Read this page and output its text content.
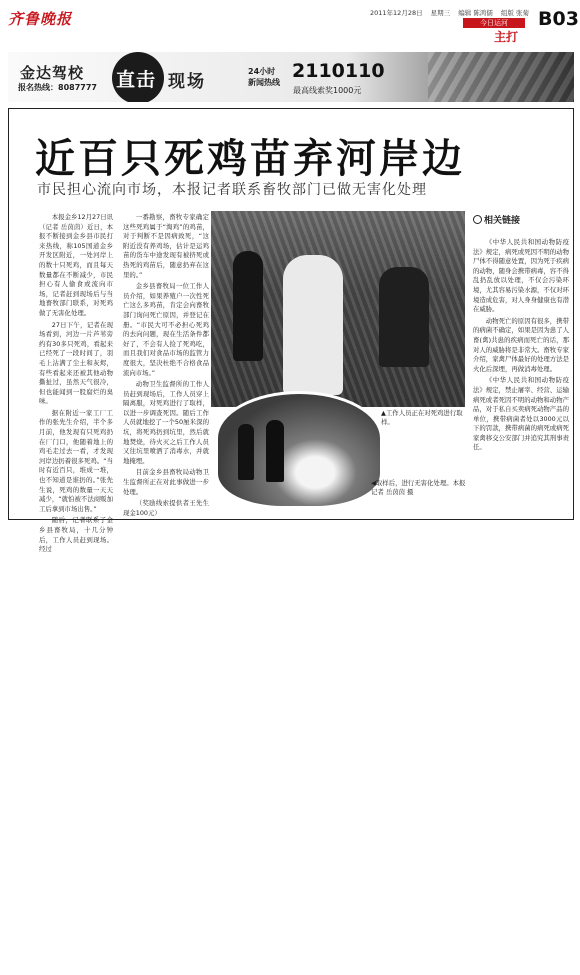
齐鲁晚报	2011年12月28日 星期三 编辑 陈鸿儒 组版 张菊
今日运河
主打
B03
金达驾校
报名热线：8087777 直击 现场
24小时
新闻热线
2110110
最高线索奖1000元
近百只死鸡苗弃河岸边
市民担心流向市场，本报记者联系畜牧部门已做无害化处理

本报金乡12月27日讯（记者 岳茵茵）近日，本报不断接到金乡县市民打来热线，称105国道金乡开发区附近，一处河岸上的数十只死鸡，而且每天数量都在不断减少，市民担心有人偷食或流向市场，记者赶到现场后与当地畜牧部门联系，对死鸡做了无害化处理。

27日下午，记者在现场看到，河边一片芦苇旁约有30多只死鸡，看起来已经死了一段时间了，羽毛上沾满了尘土和灰烬，有些看起来还被其他动物撕扯过，虽然天气很冷，但也能闻到一股腐烂的臭味。

据在附近一家工厂工作的张先生介绍，半个多月前，他发现有只死鸡扔在厂门口，他随着地上的鸡毛走过去一看，才发现河岸边扔着很多死鸡。“当时有近百只，堆成一堆，也不知道是谁扔的。”张先生说，死鸡的数量一天天减少，“就怕被不法商贩加工后拿到市场出售。”

随后，记者联系了金乡县畜牧局，十几分钟后，工作人员赶到现场。经过

一番勘察，畜牧专家确定这些死鸡属于“淘鸡”的鸡苗，对于判断不是因病致死，“这附近没有养鸡场，估计是运鸡苗的货车中途发现有被挤死或热死的鸡苗后，随意扔弃在这里的。”

金乡县畜牧局一位工作人员介绍，如果养殖户一次性死亡这么多鸡苗，肯定会向畜牧部门询问死亡原因，并登记在册。“市民大可不必担心死鸡的去向问题，现在生活条件都好了，不会有人捡了死鸡吃，而且我们对食品市场的监管力度很大，坚决杜绝不合格食品流向市场。”

动物卫生监督所的工作人员赶到现场后，工作人员穿上隔离服，对死鸡进行了取样，以进一步调查死因。随后工作人员就地挖了一个50厘米深的坑，将死鸡扔到坑里，然后就地焚烧，待火灭之后工作人员又往坑里喷洒了消毒水，并就地掩埋。

目前金乡县畜牧局动物卫生监督所正在对此事做进一步处理。

（奖励线索提供者王先生现金100元）

▲工作人员正在对死鸡进行取样。
◀取样后，进行无害化处理。本报记者 岳茵茵 摄
相关链接

《中华人民共和国动物防疫法》规定，病死或死因不明的动物尸体不得随意处置，因为死于疾病的动物，随身会携带病毒，容不得乱扔乱放以处理，不仅会污染环境，尤其容易污染水源，不仅对环境造成危害，对人身身健康也有潜在威胁。

动物死亡的原因有很多，携带的病菌不确定，如果是因为患了人畜(禽)共患的疾病而死亡的话，那对人的威胁将是非常大。畜牧专家介绍，家禽尸体最好的处理方法是火化后深埋，再做消毒处理。

《中华人民共和国动物防疫法》规定，禁止屠宰、经营、运输病死或者死因不明的动物和动物产品，对于私自买卖病死动物产品的单位，携带病菌者处以3000元以下的罚款，携带病菌的病死或病死家禽移交公安部门并追究其刑事责任。
